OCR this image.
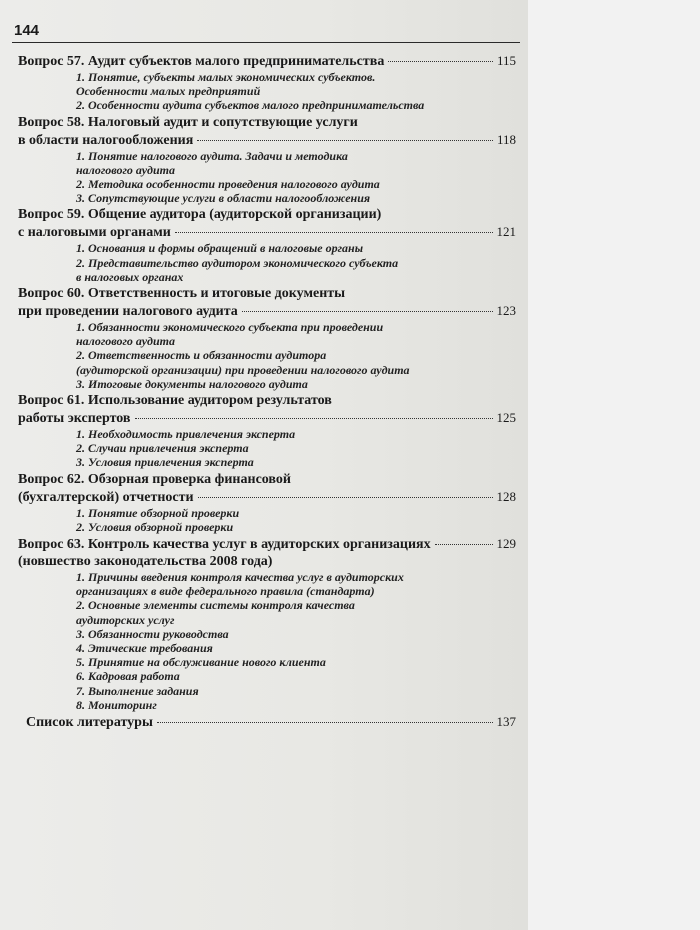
144
Вопрос 57. Аудит субъектов малого предпринимательства	115
1. Понятие, субъекты малых экономических субъектов.
Особенности малых предприятий
2. Особенности аудита субъектов малого предпринимательства
Вопрос 58. Налоговый аудит и сопутствующие услуги
в области налогообложения	118
1. Понятие налогового аудита. Задачи и методика
налогового аудита
2. Методика особенности проведения налогового аудита
3. Сопутствующие услуги в области налогообложения
Вопрос 59. Общение аудитора (аудиторской организации)
с налоговыми органами	121
1. Основания и формы обращений в налоговые органы
2. Представительство аудитором экономического субъекта
в налоговых органах
Вопрос 60. Ответственность и итоговые документы
при проведении налогового аудита	123
1. Обязанности экономического субъекта при проведении
налогового аудита
2. Ответственность и обязанности аудитора
(аудиторской организации) при проведении налогового аудита
3. Итоговые документы налогового аудита
Вопрос 61. Использование аудитором результатов
работы экспертов	125
1. Необходимость привлечения эксперта
2. Случаи привлечения эксперта
3. Условия привлечения эксперта
Вопрос 62. Обзорная проверка финансовой
(бухгалтерской) отчетности	128
1. Понятие обзорной проверки
2. Условия обзорной проверки
Вопрос 63. Контроль качества услуг в аудиторских организациях	129
(новшество законодательства 2008 года)
1. Причины введения контроля качества услуг в аудиторских
организациях в виде федерального правила (стандарта)
2. Основные элементы системы контроля качества
аудиторских услуг
3. Обязанности руководства
4. Этические требования
5. Принятие на обслуживание нового клиента
6. Кадровая работа
7. Выполнение задания
8. Мониторинг
Список литературы	137
